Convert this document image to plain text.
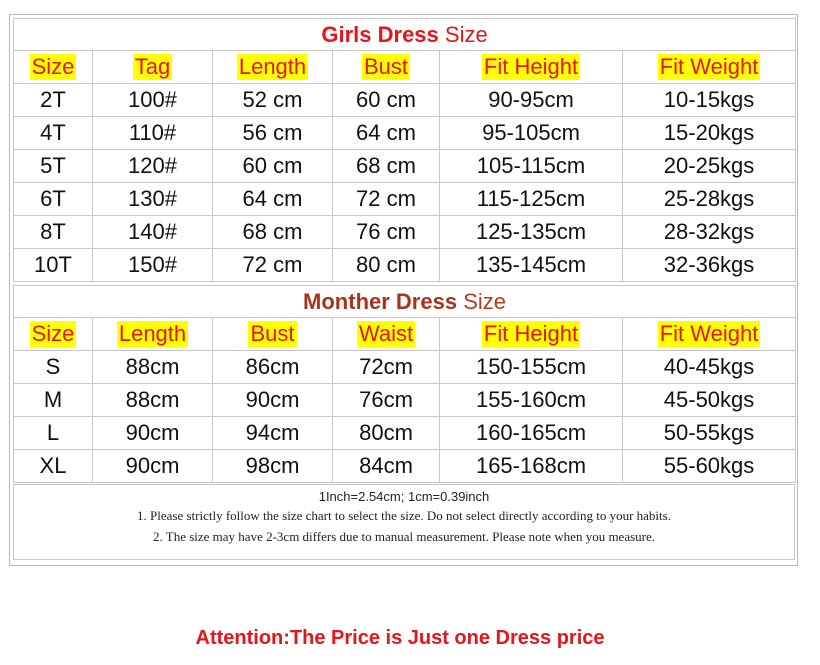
Girls Dress Size					
Size	Tag	Length	Bust	Fit Height	Fit Weight
2T	100#	52 cm	60 cm	90-95cm	10-15kgs
4T	110#	56 cm	64 cm	95-105cm	15-20kgs
5T	120#	60 cm	68 cm	105-115cm	20-25kgs
6T	130#	64 cm	72 cm	115-125cm	25-28kgs
8T	140#	68 cm	76 cm	125-135cm	28-32kgs
10T	150#	72 cm	80 cm	135-145cm	32-36kgs
Monther Dress Size					
Size	Length	Bust	Waist	Fit Height	Fit Weight
S	88cm	86cm	72cm	150-155cm	40-45kgs
M	88cm	90cm	76cm	155-160cm	45-50kgs
L	90cm	94cm	80cm	160-165cm	50-55kgs
XL	90cm	98cm	84cm	165-168cm	55-60kgs
1Inch=2.54cm; 1cm=0.39inch
1. Please strictly follow the size chart to select the size. Do not select directly according to your habits.
2. The size may have 2-3cm differs due to manual measurement. Please note when you measure.
Attention:The Price is Just one Dress price
